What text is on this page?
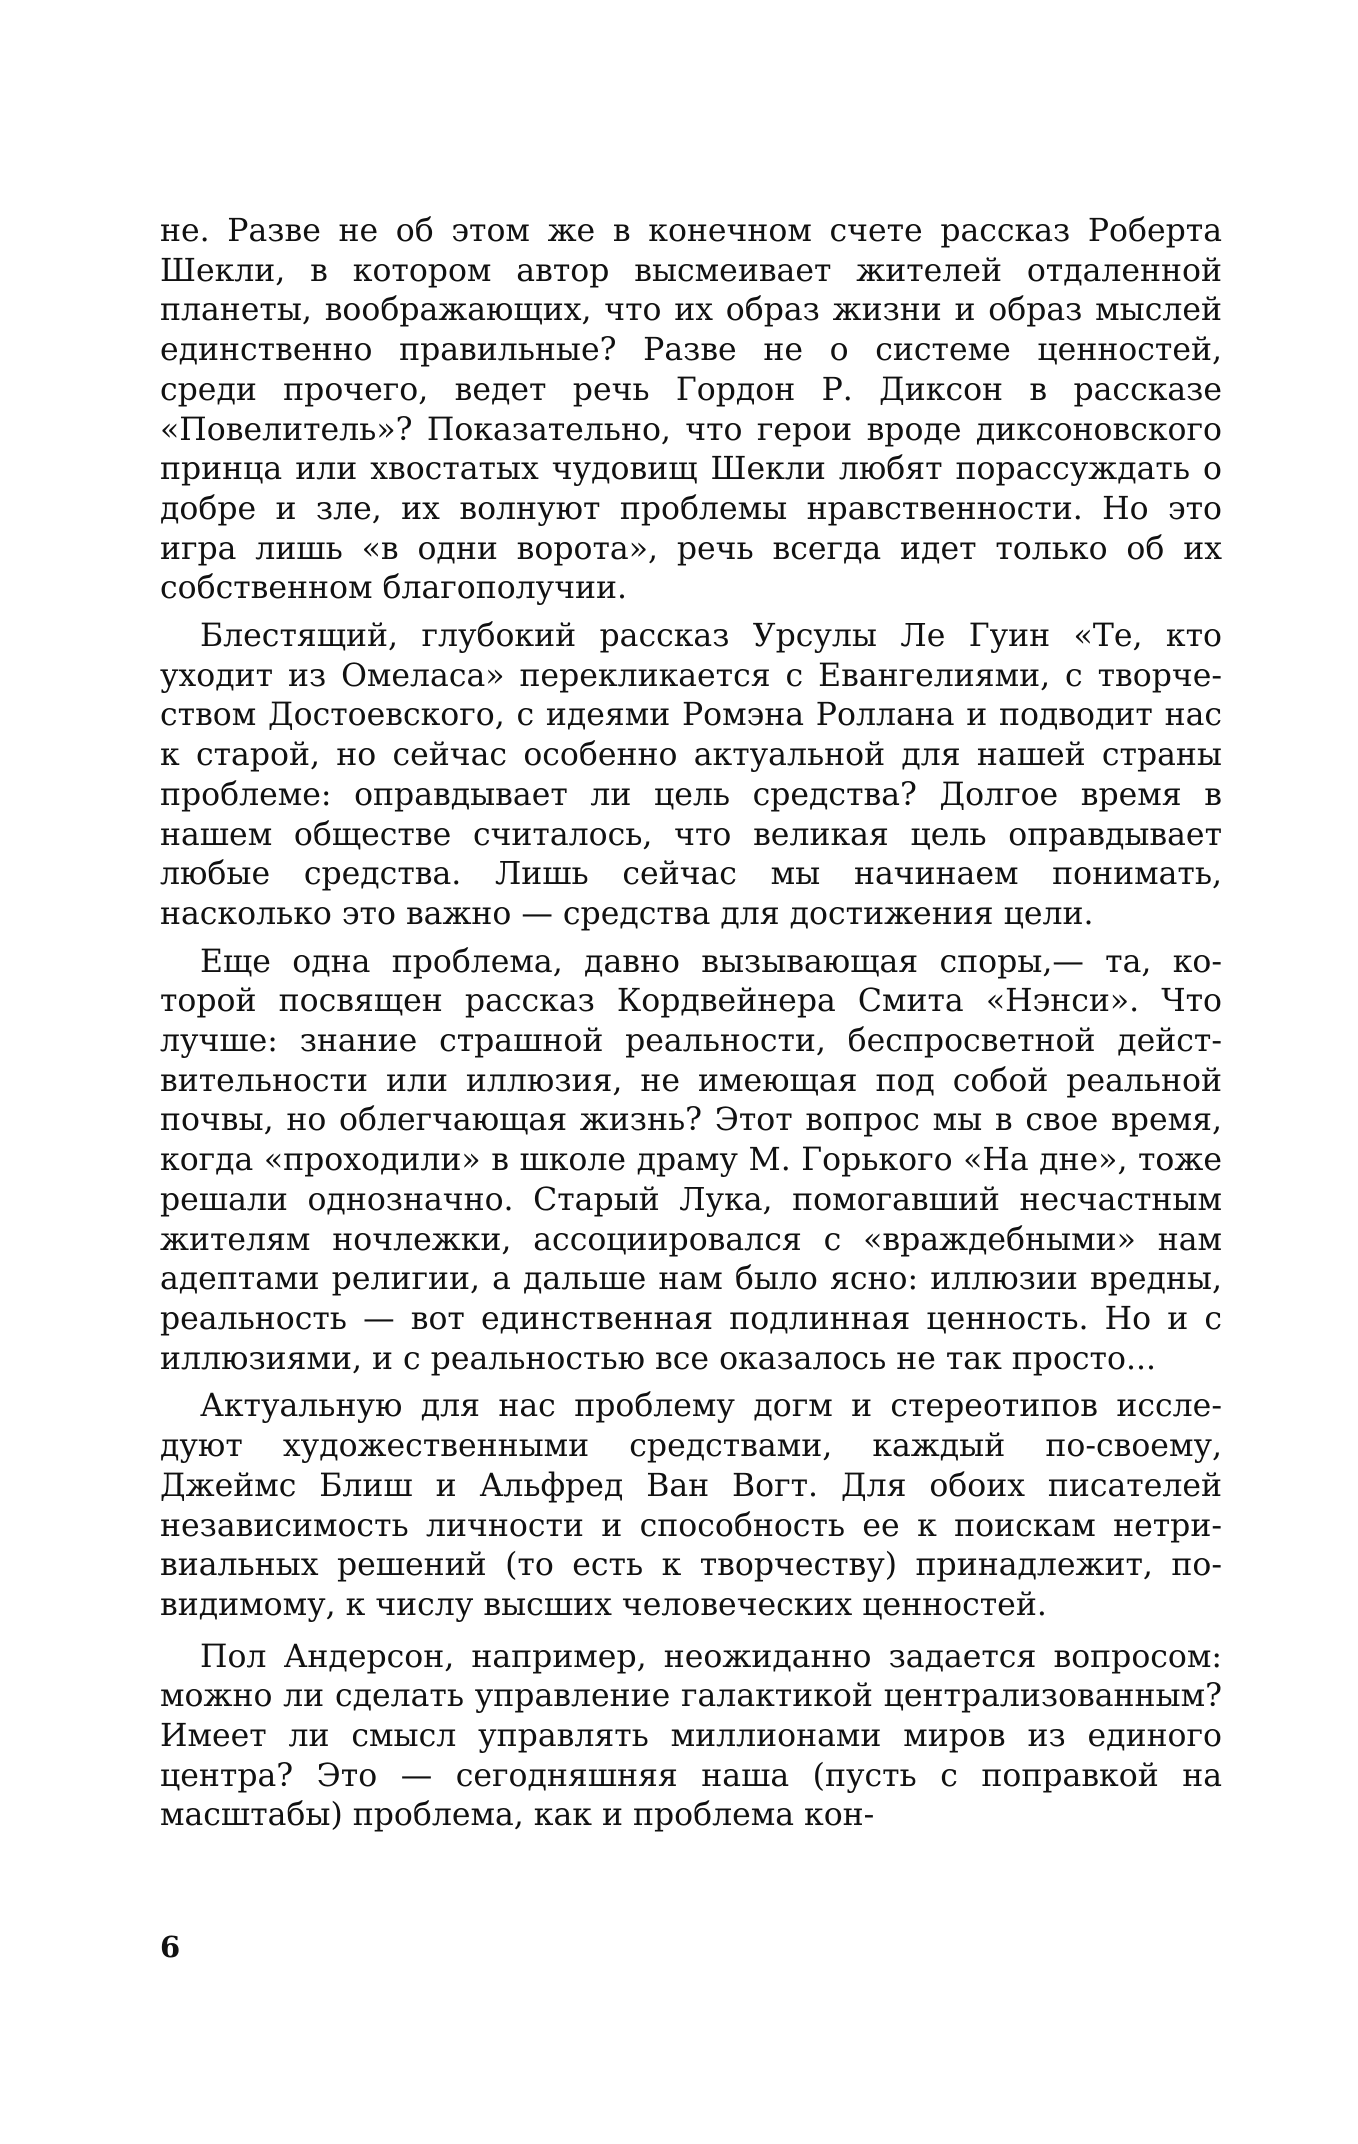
не. Разве не об этом же в конечном счете рассказ Роберта Шекли, в котором автор высмеивает жителей отдаленной планеты, воображающих, что их образ жизни и образ мыслей единственно правильные? Разве не о системе ценностей, среди прочего, ведет речь Гордон Р. Диксон в рассказе «Повелитель»? Показательно, что герои вроде диксоновского принца или хвостатых чудовищ Шекли любят порассуждать о добре и зле, их волнуют проблемы нравственности. Но это игра лишь «в одни ворота», речь всегда идет только об их собственном благополучии.

Блестящий, глубокий рассказ Урсулы Ле Гуин «Те, кто уходит из Омеласа» перекликается с Евангелиями, с творчеством Достоевского, с идеями Ромэна Роллана и подводит нас к старой, но сейчас особенно актуальной для нашей страны проблеме: оправдывает ли цель средства? Долгое время в нашем обществе считалось, что великая цель оправдывает любые средства. Лишь сейчас мы начинаем понимать, насколько это важно — средства для достижения цели.

Еще одна проблема, давно вызывающая споры,— та, которой посвящен рассказ Кордвейнера Смита «Нэнси». Что лучше: знание страшной реальности, беспросветной действительности или иллюзия, не имеющая под собой реальной почвы, но облегчающая жизнь? Этот вопрос мы в свое время, когда «проходили» в школе драму М. Горького «На дне», тоже решали однозначно. Старый Лука, помогавший несчастным жителям ночлежки, ассоциировался с «враждебными» нам адептами религии, а дальше нам было ясно: иллюзии вредны, реальность — вот единственная подлинная ценность. Но и с иллюзиями, и с реальностью все оказалось не так просто...

Актуальную для нас проблему догм и стереотипов исследуют художественными средствами, каждый по-своему, Джеймс Блиш и Альфред Ван Вогт. Для обоих писателей независимость личности и способность ее к поискам нетривиальных решений (то есть к творчеству) принадлежит, повидимому, к числу высших человеческих ценностей.

Пол Андерсон, например, неожиданно задается вопросом: можно ли сделать управление галактикой централизованным? Имеет ли смысл управлять миллионами миров из единого центра? Это — сегодняшняя наша (пусть с поправкой на масштабы) проблема, как и проблема кон-

6
